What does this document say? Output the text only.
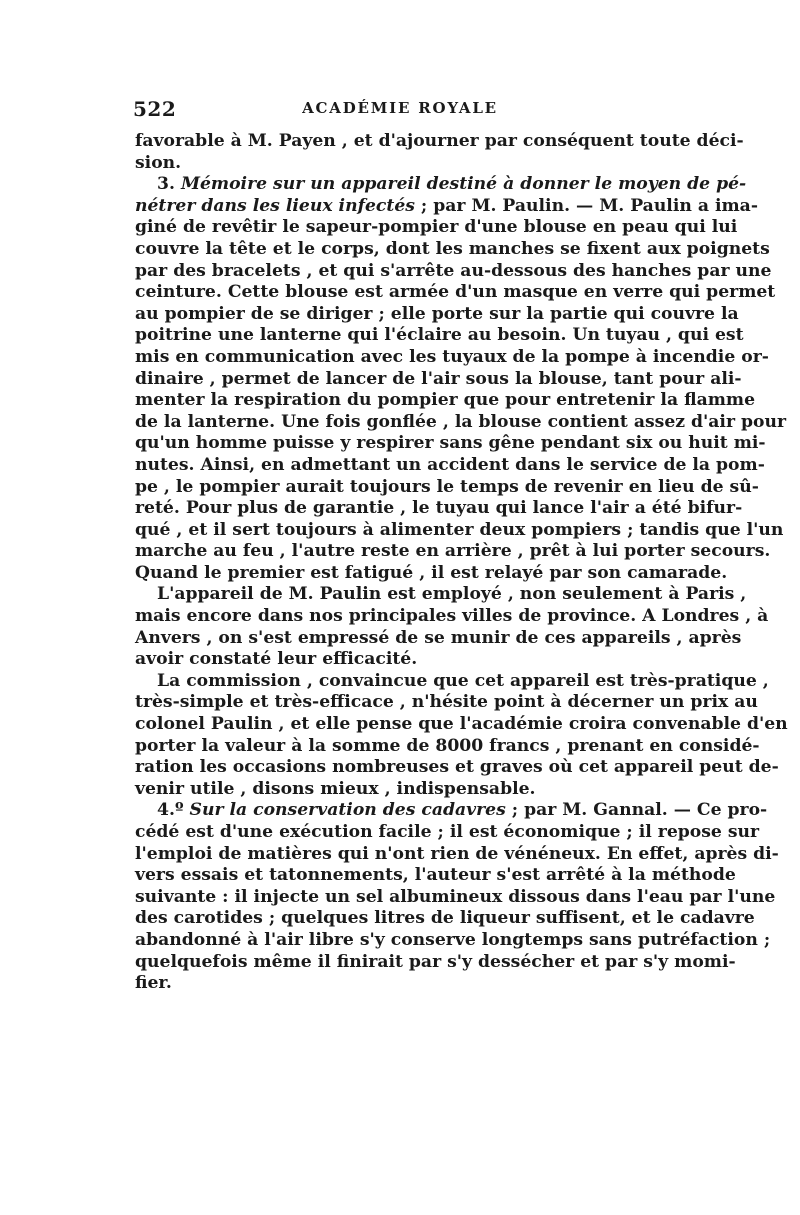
522	ACADÉMIE ROYALE
favorable à M. Payen , et d'ajourner par conséquent toute déci-
sion.
3. Mémoire sur un appareil destiné à donner le moyen de pé-
nétrer dans les lieux infectés ; par M. Paulin. — M. Paulin a ima-
giné de revêtir le sapeur-pompier d'une blouse en peau qui lui
couvre la tête et le corps, dont les manches se fixent aux poignets
par des bracelets , et qui s'arrête au-dessous des hanches par une
ceinture. Cette blouse est armée d'un masque en verre qui permet
au pompier de se diriger ; elle porte sur la partie qui couvre la
poitrine une lanterne qui l'éclaire au besoin. Un tuyau , qui est
mis en communication avec les tuyaux de la pompe à incendie or-
dinaire , permet de lancer de l'air sous la blouse, tant pour ali-
menter la respiration du pompier que pour entretenir la flamme
de la lanterne. Une fois gonflée , la blouse contient assez d'air pour
qu'un homme puisse y respirer sans gêne pendant six ou huit mi-
nutes. Ainsi, en admettant un accident dans le service de la pom-
pe , le pompier aurait toujours le temps de revenir en lieu de sû-
reté. Pour plus de garantie , le tuyau qui lance l'air a été bifur-
qué , et il sert toujours à alimenter deux pompiers ; tandis que l'un
marche au feu , l'autre reste en arrière , prêt à lui porter secours.
Quand le premier est fatigué , il est relayé par son camarade.
L'appareil de M. Paulin est employé , non seulement à Paris ,
mais encore dans nos principales villes de province. A Londres , à
Anvers , on s'est empressé de se munir de ces appareils , après
avoir constaté leur efficacité.
La commission , convaincue que cet appareil est très-pratique ,
très-simple et très-efficace , n'hésite point à décerner un prix au
colonel Paulin , et elle pense que l'académie croira convenable d'en
porter la valeur à la somme de 8000 francs , prenant en considé-
ration les occasions nombreuses et graves où cet appareil peut de-
venir utile , disons mieux , indispensable.
4.º Sur la conservation des cadavres ; par M. Gannal. — Ce pro-
cédé est d'une exécution facile ; il est économique ; il repose sur
l'emploi de matières qui n'ont rien de vénéneux. En effet, après di-
vers essais et tatonnements, l'auteur s'est arrêté à la méthode
suivante : il injecte un sel albumineux dissous dans l'eau par l'une
des carotides ; quelques litres de liqueur suffisent, et le cadavre
abandonné à l'air libre s'y conserve longtemps sans putréfaction ;
quelquefois même il finirait par s'y dessécher et par s'y momi-
fier.
